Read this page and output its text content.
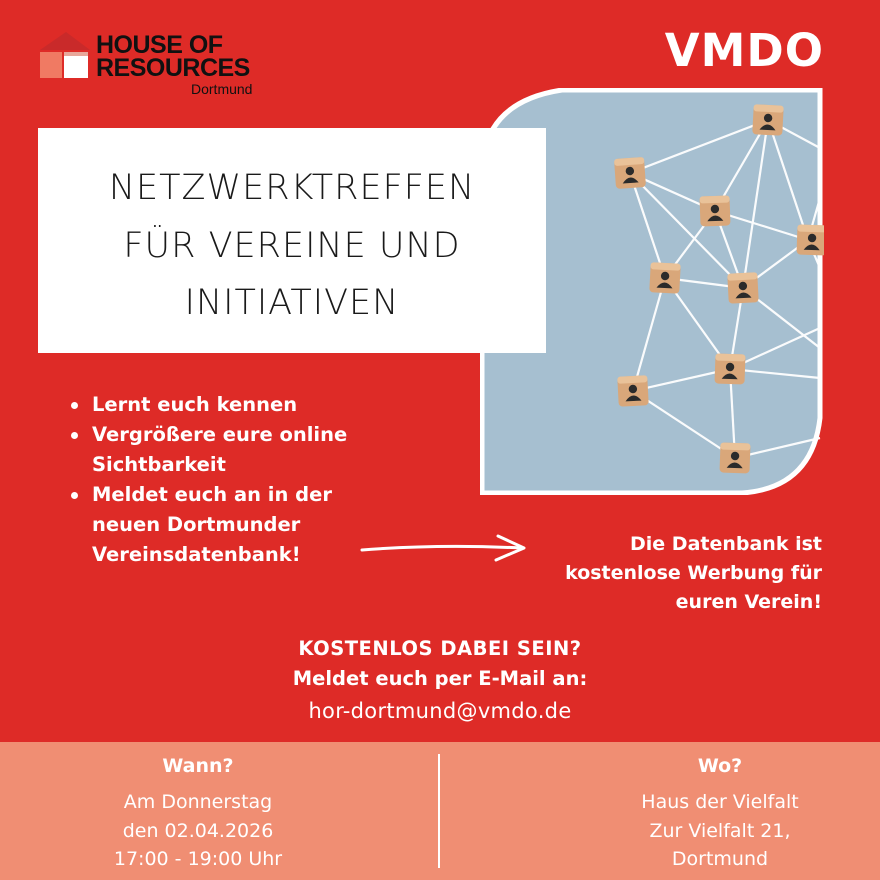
HOUSE OF
RESOURCES
Dortmund
VMDO
NETZWERKTREFFEN
FÜR VEREINE UND
INITIATIVEN
Lernt euch kennen
Vergrößere eure online
Sichtbarkeit
Meldet euch an in der
neuen Dortmunder
Vereinsdatenbank!	Die Datenbank ist
kostenlose Werbung für
euren Verein!
KOSTENLOS DABEI SEIN?
Meldet euch per E-Mail an:
hor-dortmund@vmdo.de
Wann?
Am Donnerstag
den 02.04.2026
17:00 - 19:00 Uhr
Wo?
Haus der Vielfalt
Zur Vielfalt 21,
Dortmund
